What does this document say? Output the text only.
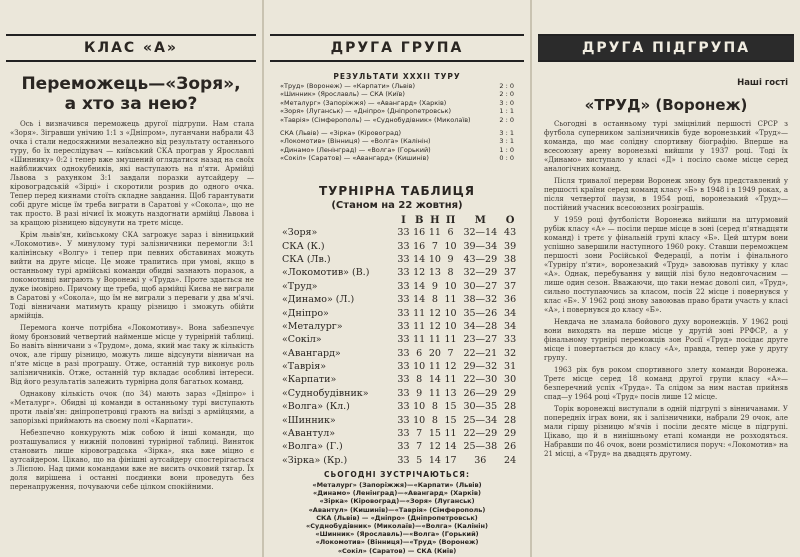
КЛАС «А»
Переможець—«Зоря»,
а хто за нею?

Ось і визначився переможець другої підгрупи. Нам стала «Зоря». Зігравши унічию 1:1 з «Дніпром», луганчани набрали 43 очка і стали недосяжними незалежно від результату останнього туру, бо їх переслідувач — київський СКА програв у Ярославлі «Шиннику» 0:2 і тепер вже змушений оглядатися назад на своїх найближчих однокубників, які наступають на п'яти. Армійці Львова з рахунком 3:1 завдали поразки аутсайдеру — кіровоградській «Зірці» і скоротили розрив до одного очка. Тепер перед киянами стоїть складне завдання. Щоб гарантувати собі друге місце їм треба виграти в Саратові у «Сокола», що не так просто. В разі нічиєї їх можуть наздогнати армійці Львова і за кращою різницею відсунути на третє місце.

Крім львів'ян, київському СКА загрожує зараз і вінницький «Локомотив». У минулому турі залізничники перемогли 3:1 калінінську «Волгу» і тепер при певних обставинах можуть вийти на друге місце. Це може трапитись при умові, якщо в останньому турі армійські команди обидві зазнають поразок, а локомотивці виграють у Воронежі у «Труда». Проте здається не дуже імовірно. Причому ще треба, щоб армійці Києва не виграли в Саратові у «Сокола», що їм не виграли з переваги у два м'ячі. Тоді вінничани матимуть кращу різницю і зможуть обійти армійців.

Перемога конче потрібна «Локомотиву». Вона забезпечує йому бронзовий четвертий найменше місце у турнірній таблиці. Бо навіть вінничани з «Трудом», дома, який має таку ж кількість очок, але гіршу різницю, можуть лише відсунути вінничан на п'яте місце в разі програшу. Отже, останній тур виконує роль залізничників. Отже, останній тур вкладає особливі інтереси. Від його результатів залежить турнірна доля багатьох команд.

Однакову кількість очок (по 34) мають зараз «Дніпро» і «Металург». Обидві ці команди в останньому турі виступають проти львів'ян: дніпропетровці грають на виїзді з армійцями, а запорізькі приймають на своєму полі «Карпати».

Небезпечно конкурують між собою й інші команди, що розташувалися у нижній половині турнірної таблиці. Виняток становить лише кіровоградська «Зірка», яка вже міцно є аутсайдером. Цікаво, що на фінішні аутсайдеру спостерігається з Лієпою. Над цими командами вже не висить очковий тягар. Їх доля вирішена і останні поєдинки вони проведуть без перенапруження, почуваючи себе цілком спокійними.

ДРУГА ГРУПА
РЕЗУЛЬТАТИ ХХХІІ ТУРУ
«Труд» (Воронеж) — «Карпати» (Львів)	2 : 0
«Шинник» (Ярославль) — СКА (Київ)	2 : 0
«Металург» (Запоріжжя) — «Авангард» (Харків)	3 : 0
«Зоря» (Луганськ) — «Дніпро» (Дніпропетровськ)	1 : 1
«Таврія» (Сімферополь) — «Суднобудівник» (Миколаїв)	2 : 0
СКА (Львів) — «Зірка» (Кіровоград)	3 : 1
«Локомотив» (Вінниця) — «Волга» (Калінін)	3 : 1
«Динамо» (Ленінград) — «Волга» (Горький)	1 : 0
«Сокіл» (Саратов) — «Авангард» (Кишинів)	0 : 0
ТУРНІРНА ТАБЛИЦЯ
(Станом на 22 жовтня)
	І	В	Н	П	М	О
«Зоря»	33	16	11	6	32—14	43
СКА (К.)	33	16	7	10	39—34	39
СКА (Лв.)	33	14	10	9	43—29	38
«Локомотив» (В.)	33	12	13	8	32—29	37
«Труд»	33	14	9	10	30—27	37
«Динамо» (Л.)	33	14	8	11	38—32	36
«Дніпро»	33	11	12	10	35—26	34
«Металург»	33	11	12	10	34—28	34
«Сокіл»	33	11	11	11	23—27	33
«Авангард»	33	6	20	7	22—21	32
«Таврія»	33	10	11	12	29—32	31
«Карпати»	33	8	14	11	22—30	30
«Суднобудівник»	33	9	11	13	26—29	29
«Волга» (Кл.)	33	10	8	15	30—35	28
«Шинник»	33	10	8	15	25—34	28
«Авантул»	33	7	15	11	22—29	29
«Волга» (Г.)	33	7	12	14	25—38	26
«Зірка» (Кр.)	33	5	14	17	36	24
СЬОГОДНІ ЗУСТРІЧАЮТЬСЯ:
«Металург» (Запоріжжя)—«Карпати» (Львів)
«Динамо» (Ленінград)—«Авангард» (Харків)
«Зірка» (Кіровоград)—«Зоря» (Луганськ)
«Авантул» (Кишинів)—«Таврія» (Сімферополь)
СКА (Львів) — «Дніпро» (Дніпропетровськ)
«Суднобудівник» (Миколаїв)—«Волга» (Калінін)
«Шинник» (Ярославль)—«Волга» (Горький)
«Локомотив» (Вінниця)—«Труд» (Воронеж)
«Сокіл» (Саратов) — СКА (Київ)
ДРУГА ПІДГРУПА
Наші гості
«ТРУД» (Воронеж)

Сьогодні в останньому турі зміцнілий першості СРСР з футбола суперником залізничників буде воронезький «Труд»—команда, що має солідну спортивну біографію. Вперше на всесоюзну арену воронезькі вийшли у 1937 році. Тоді їх «Динамо» виступало у класі «Д» і посіло сьоме місце серед аналогічних команд.

Після тривалої перерви Воронеж знову був представлений у першості країни серед команд класу «Б» в 1948 і в 1949 роках, а після четвертої паузи, в 1954 році, воронезький «Труд»—постійний учасник всесоюзних розіграшів.

У 1959 році футболісти Воронежа вийшли на штурмовий рубіж класу «А» — посіли перше місце в зоні (серед п'ятнадцяти команд) і третє у фінальній групі класу «Б». Цей штурм вони успішно завершили наступного 1960 року. Ставши переможцем першості зони Російської Федерації, а потім і фінального «Турніру п'яти», воронезький «Труд» завоював путівку у клас «А». Однак, перебування у вищій лізі було недовгочасним — лише один сезон. Вважаючи, що таки немає доволі сил, «Труд», сильно поступаючись за класом, посів 22 місце і повернувся у клас «Б». У 1962 році знову завоював право брати участь у класі «А», і повернувся до класу «Б».

Невдача не зламала бойового духу воронежців. У 1962 році вони виходять на перше місце у другій зоні РРФСР, а у фінальному турнірі переможців зон Росії «Труд» посідає друге місце і повертається до класу «А», правда, тепер уже у другу групу.

1963 рік був роком спортивного злету команди Воронежа. Третє місце серед 18 команд другої групи класу «А»—безперечний успіх «Труда». Та слідом за ним настав прийняв спад—у 1964 році «Труд» посів лише 12 місце.

Торік воронежці виступали в одній підгрупі з вінничанами. У попередніх іграх вони, як і залізничники, набрали 29 очок, але мали гіршу різницю м'ячів і посіли десяте місце в підгрупі. Цікаво, що й в нинішньому етапі команди не розходяться. Набравши по 46 очок, вони розмістилися поруч: «Локомотив» на 21 місці, а «Труд» на двадцять другому.
